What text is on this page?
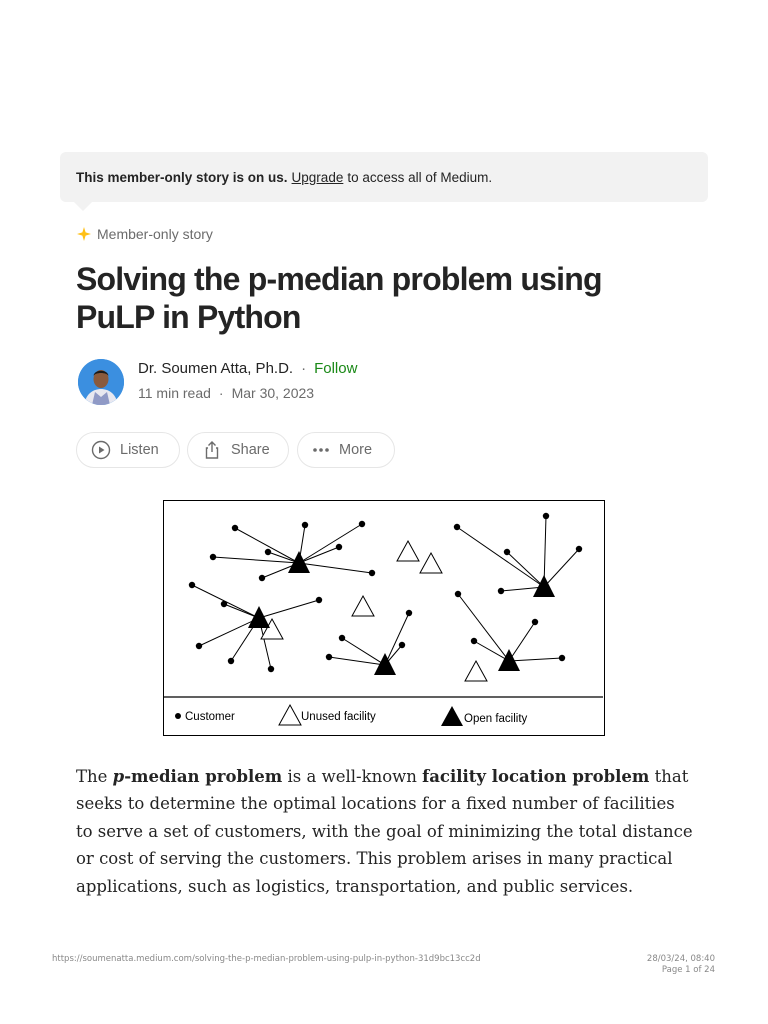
This member-only story is on us. Upgrade to access all of Medium.
Member-only story
Solving the p-median problem using PuLP in Python
Dr. Soumen Atta, Ph.D. · Follow
11 min read · Mar 30, 2023
Listen	Share	More
Customer	Unused facility	Open facility

The p-median problem is a well-known facility location problem that seeks to determine the optimal locations for a fixed number of facilities to serve a set of customers, with the goal of minimizing the total distance or cost of serving the customers. This problem arises in many practical applications, such as logistics, transportation, and public services.

https://soumenatta.medium.com/solving-the-p-median-problem-using-pulp-in-python-31d9bc13cc2d	28/03/24, 08:40
Page 1 of 24
